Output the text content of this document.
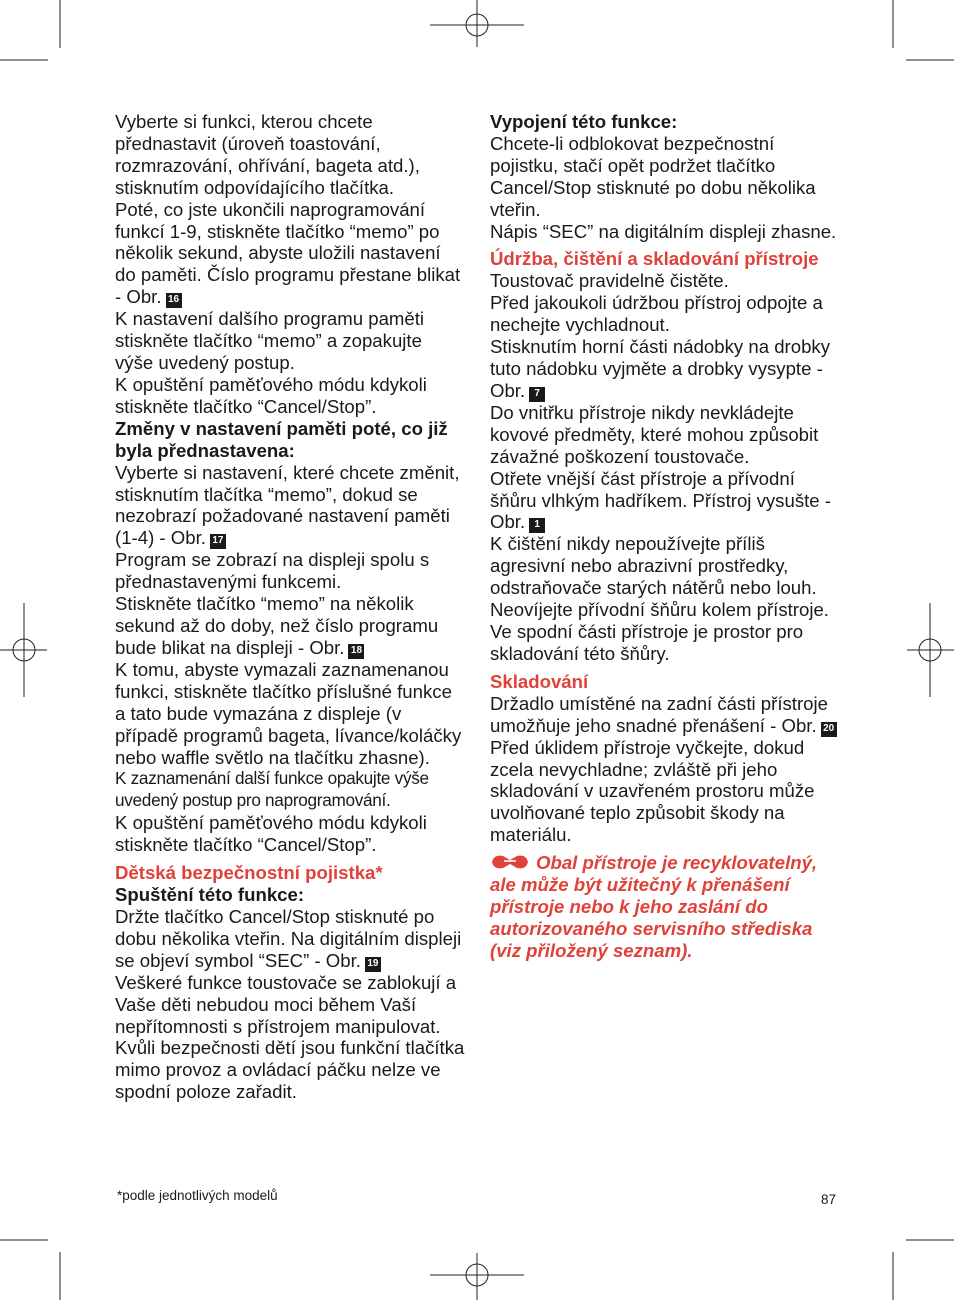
Vyberte si funkci, kterou chcete přednastavit (úroveň toastování, rozmrazování, ohřívání, bageta atd.), stisknutím odpovídajícího tlačítka.

Poté, co jste ukončili naprogramování funkcí 1-9, stiskněte tlačítko “memo” po několik sekund, abyste uložili nastavení do paměti. Číslo programu přestane blikat - Obr. 16

K nastavení dalšího programu paměti stiskněte tlačítko “memo” a zopakujte výše uvedený postup.

K opuštění paměťového módu kdykoli stiskněte tlačítko “Cancel/Stop”.

Změny v nastavení paměti poté, co již byla přednastavena:

Vyberte si nastavení, které chcete změnit, stisknutím tlačítka “memo”, dokud se nezobrazí požadované nastavení paměti (1-4) - Obr. 17

Program se zobrazí na displeji spolu s přednastavenými funkcemi.

Stiskněte tlačítko “memo” na několik sekund až do doby, než číslo programu bude blikat na displeji - Obr. 18

K tomu, abyste vymazali zaznamenanou funkci, stiskněte tlačítko příslušné funkce a tato bude vymazána z displeje (v případě programů bageta, lívance/koláčky nebo waffle světlo na tlačítku zhasne).

K zaznamenání další funkce opakujte výše uvedený postup pro naprogramování.

K opuštění paměťového módu kdykoli stiskněte tlačítko “Cancel/Stop”.

Dětská bezpečnostní pojistka*

Spuštění této funkce:

Držte tlačítko Cancel/Stop stisknuté po dobu několika vteřin. Na digitálním displeji se objeví symbol “SEC” - Obr. 19

Veškeré funkce toustovače se zablokují a Vaše děti nebudou moci během Vaší nepřítomnosti s přístrojem manipulovat.

Kvůli bezpečnosti dětí jsou funkční tlačítka mimo provoz a ovládací páčku nelze ve spodní poloze zařadit.

Vypojení této funkce:

Chcete-li odblokovat bezpečnostní pojistku, stačí opět podržet tlačítko Cancel/Stop stisknuté po dobu několika vteřin.

Nápis “SEC” na digitálním displeji zhasne.

Údržba, čištění a skladování přístroje

Toustovač pravidelně čistěte.

Před jakoukoli údržbou přístroj odpojte a nechejte vychladnout.

Stisknutím horní části nádobky na drobky tuto nádobku vyjměte a drobky vysypte - Obr. 7

Do vnitřku přístroje nikdy nevkládejte kovové předměty, které mohou způsobit závažné poškození toustovače.

Otřete vnější část přístroje a přívodní šňůru vlhkým hadříkem. Přístroj vysušte - Obr. 1

K čištění nikdy nepoužívejte příliš agresivní nebo abrazivní prostředky, odstraňovače starých nátěrů nebo louh.

Neovíjejte přívodní šňůru kolem přístroje. Ve spodní části přístroje je prostor pro skladování této šňůry.

Skladování

Držadlo umístěné na zadní části přístroje umožňuje jeho snadné přenášení - Obr. 20

Před úklidem přístroje vyčkejte, dokud zcela nevychladne; zvláště při jeho skladování v uzavřeném prostoru může uvolňované teplo způsobit škody na materiálu.

Obal přístroje je recyklovatelný, ale může být užitečný k přenášení přístroje nebo k jeho zaslání do autorizovaného servisního střediska (viz přiložený seznam).

*podle jednotlivých modelů	87
